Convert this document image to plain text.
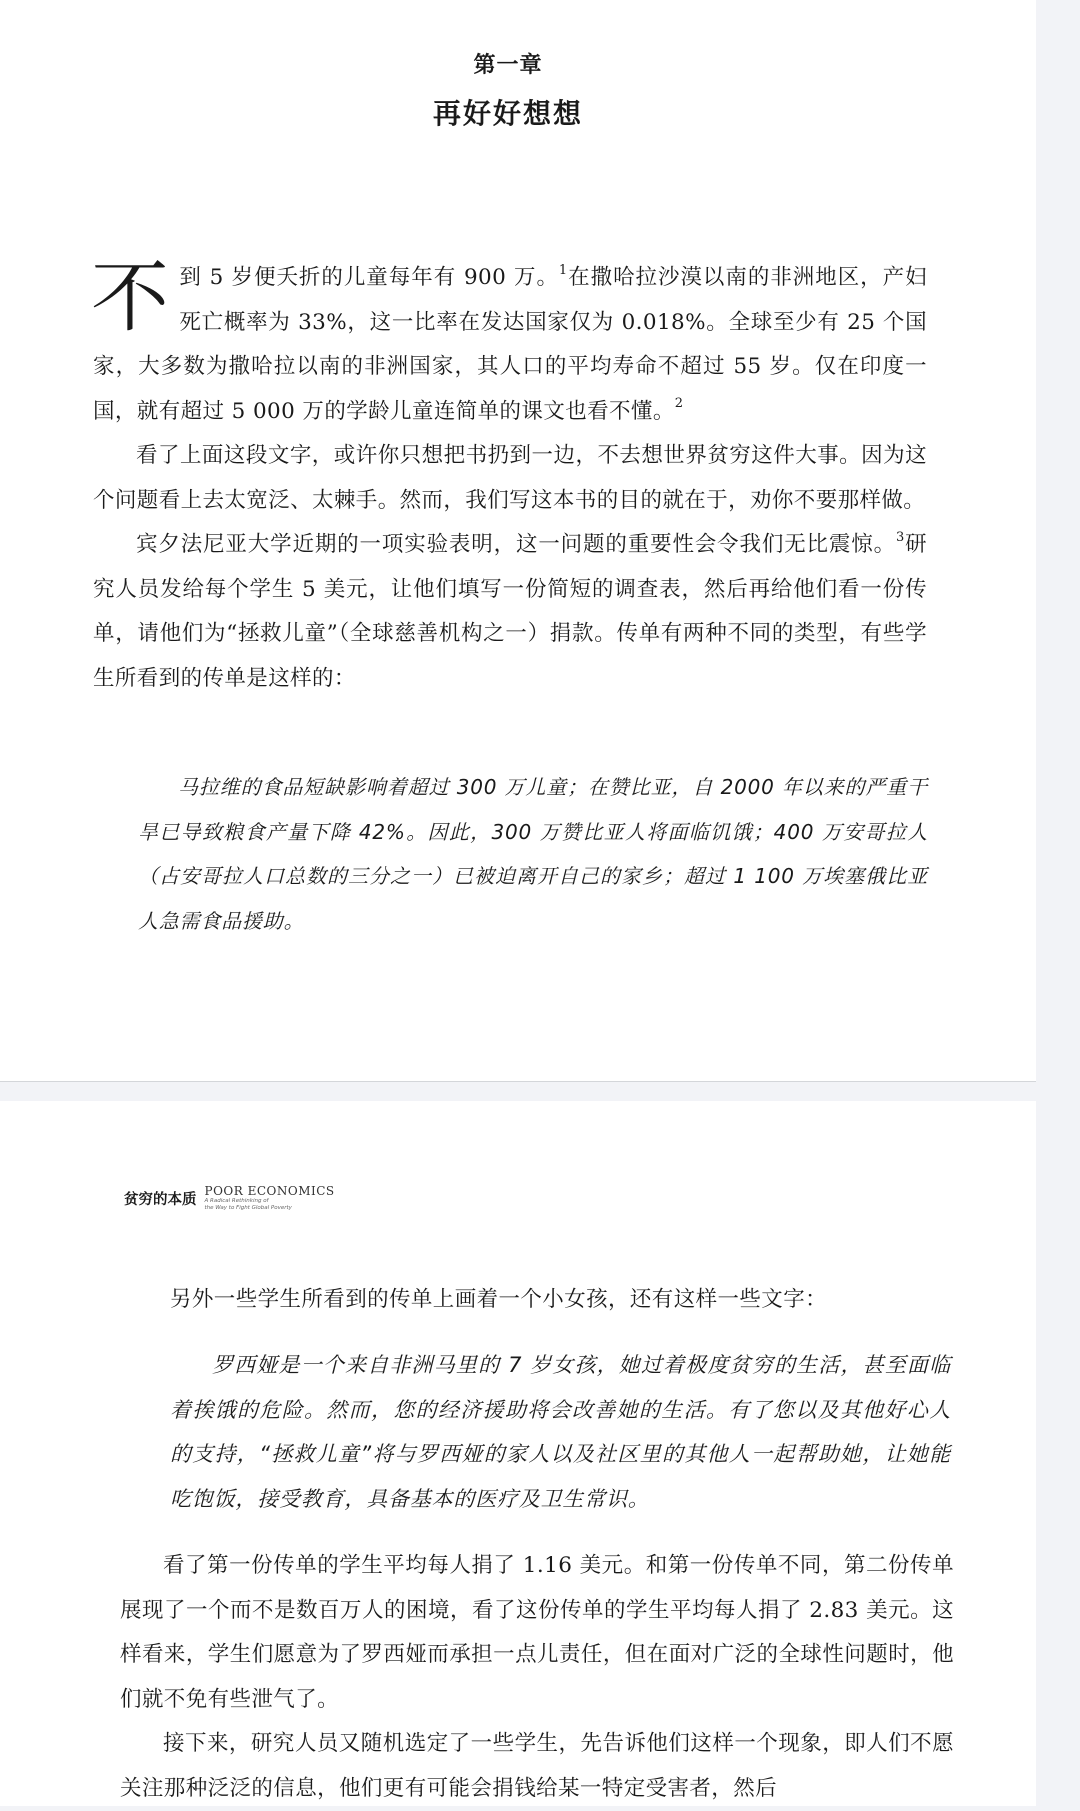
第一章
再好好想想

不到 5 岁便夭折的儿童每年有 900 万。$^1$在撒哈拉沙漠以南的非洲地区，产妇死亡概率为 33%，这一比率在发达国家仅为 0.018%。全球至少有 25 个国家，大多数为撒哈拉以南的非洲国家，其人口的平均寿命不超过 55 岁。仅在印度一国，就有超过 5 000 万的学龄儿童连简单的课文也看不懂。$^2$

看了上面这段文字，或许你只想把书扔到一边，不去想世界贫穷这件大事。因为这个问题看上去太宽泛、太棘手。然而，我们写这本书的目的就在于，劝你不要那样做。

宾夕法尼亚大学近期的一项实验表明，这一问题的重要性会令我们无比震惊。$^3$研究人员发给每个学生 5 美元，让他们填写一份简短的调查表，然后再给他们看一份传单，请他们为“拯救儿童”（全球慈善机构之一）捐款。传单有两种不同的类型，有些学生所看到的传单是这样的：

马拉维的食品短缺影响着超过 300 万儿童；在赞比亚，自 2000 年以来的严重干旱已导致粮食产量下降 42%。因此，300 万赞比亚人将面临饥饿；400 万安哥拉人（占安哥拉人口总数的三分之一）已被迫离开自己的家乡；超过 1 100 万埃塞俄比亚人急需食品援助。

贫穷的本质 POOR ECONOMICS
A Radical Rethinking of
the Way to Fight Global Poverty

另外一些学生所看到的传单上画着一个小女孩，还有这样一些文字：

罗西娅是一个来自非洲马里的 7 岁女孩，她过着极度贫穷的生活，甚至面临着挨饿的危险。然而，您的经济援助将会改善她的生活。有了您以及其他好心人的支持，“拯救儿童”将与罗西娅的家人以及社区里的其他人一起帮助她，让她能吃饱饭，接受教育，具备基本的医疗及卫生常识。

看了第一份传单的学生平均每人捐了 1.16 美元。和第一份传单不同，第二份传单展现了一个而不是数百万人的困境，看了这份传单的学生平均每人捐了 2.83 美元。这样看来，学生们愿意为了罗西娅而承担一点儿责任，但在面对广泛的全球性问题时，他们就不免有些泄气了。

接下来，研究人员又随机选定了一些学生，先告诉他们这样一个现象，即人们不愿关注那种泛泛的信息，他们更有可能会捐钱给某一特定受害者，然后
